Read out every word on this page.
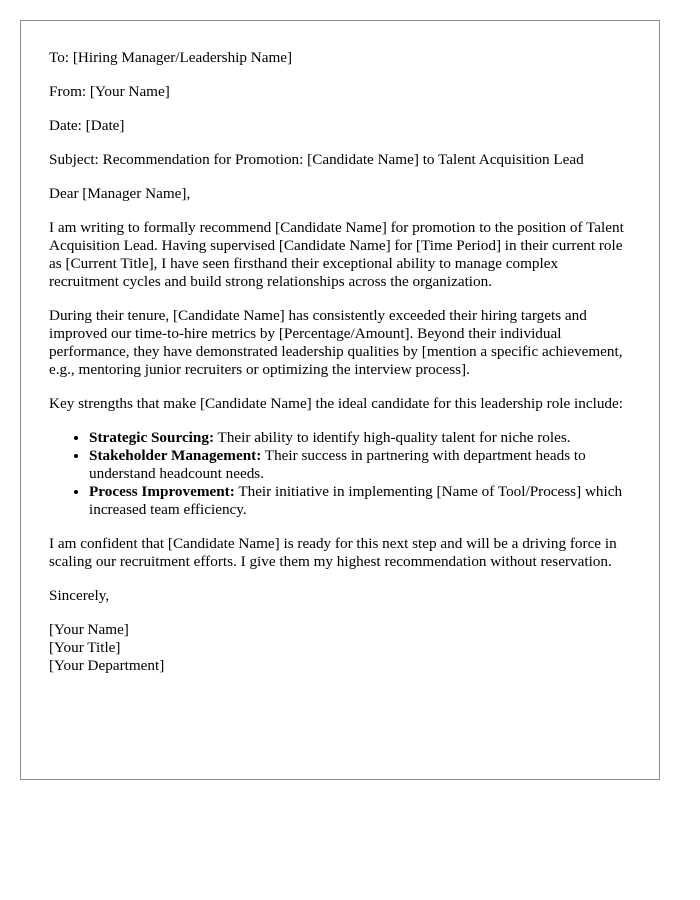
To: [Hiring Manager/Leadership Name]

From: [Your Name]

Date: [Date]

Subject: Recommendation for Promotion: [Candidate Name] to Talent Acquisition Lead

Dear [Manager Name],

I am writing to formally recommend [Candidate Name] for promotion to the position of Talent Acquisition Lead. Having supervised [Candidate Name] for [Time Period] in their current role as [Current Title], I have seen firsthand their exceptional ability to manage complex recruitment cycles and build strong relationships across the organization.

During their tenure, [Candidate Name] has consistently exceeded their hiring targets and improved our time-to-hire metrics by [Percentage/Amount]. Beyond their individual performance, they have demonstrated leadership qualities by [mention a specific achievement, e.g., mentoring junior recruiters or optimizing the interview process].

Key strengths that make [Candidate Name] the ideal candidate for this leadership role include:

• Strategic Sourcing: Their ability to identify high-quality talent for niche roles.
• Stakeholder Management: Their success in partnering with department heads to understand headcount needs.
• Process Improvement: Their initiative in implementing [Name of Tool/Process] which increased team efficiency.

I am confident that [Candidate Name] is ready for this next step and will be a driving force in scaling our recruitment efforts. I give them my highest recommendation without reservation.

Sincerely,

[Your Name]
[Your Title]
[Your Department]
